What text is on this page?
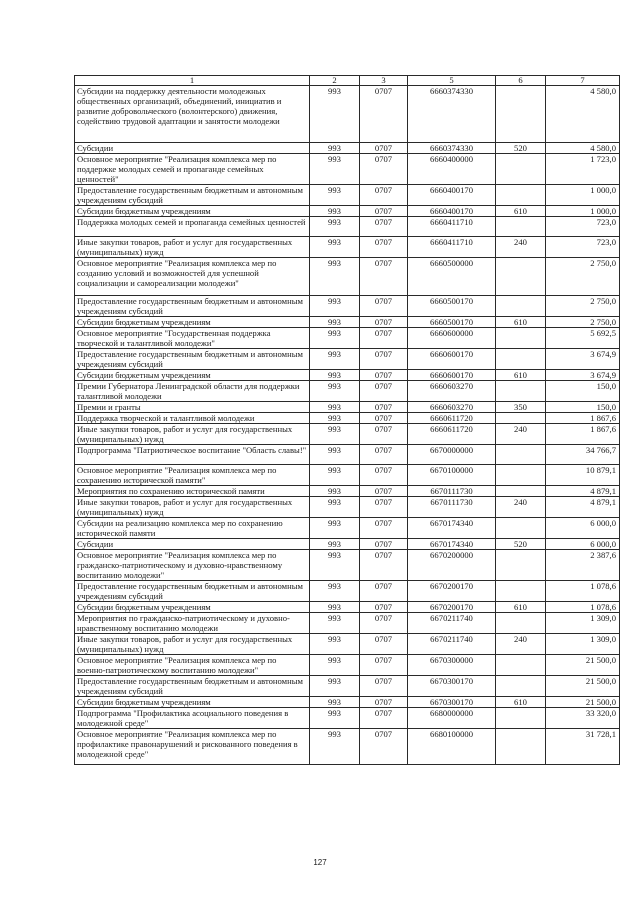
1	2	3	5	6	7
Субсидии на поддержку деятельности молодежных общественных организаций, объединений, инициатив и развитие добровольческого (волонтерского) движения, содействию трудовой адаптации и занятости молодежи	993	0707	6660374330		4 580,0
Субсидии	993	0707	6660374330	520	4 580,0
Основное мероприятие "Реализация комплекса мер по поддержке молодых семей и пропаганде семейных ценностей"	993	0707	6660400000		1 723,0
Предоставление государственным бюджетным и автономным учреждениям субсидий	993	0707	6660400170		1 000,0
Субсидии бюджетным учреждениям	993	0707	6660400170	610	1 000,0
Поддержка молодых семей и пропаганда семейных ценностей	993	0707	6660411710		723,0
Иные закупки товаров, работ и услуг для государственных (муниципальных) нужд	993	0707	6660411710	240	723,0
Основное мероприятие "Реализация комплекса мер по созданию условий и возможностей для успешной социализации и самореализации молодежи"	993	0707	6660500000		2 750,0
Предоставление государственным бюджетным и автономным учреждениям субсидий	993	0707	6660500170		2 750,0
Субсидии бюджетным учреждениям	993	0707	6660500170	610	2 750,0
Основное мероприятие "Государственная поддержка творческой и талантливой молодежи"	993	0707	6660600000		5 692,5
Предоставление государственным бюджетным и автономным учреждениям субсидий	993	0707	6660600170		3 674,9
Субсидии бюджетным учреждениям	993	0707	6660600170	610	3 674,9
Премии Губернатора Ленинградской области для поддержки талантливой молодежи	993	0707	6660603270		150,0
Премии и гранты	993	0707	6660603270	350	150,0
Поддержка творческой и талантливой молодежи	993	0707	6660611720		1 867,6
Иные закупки товаров, работ и услуг для государственных (муниципальных) нужд	993	0707	6660611720	240	1 867,6
Подпрограмма "Патриотическое воспитание "Область славы!"	993	0707	6670000000		34 766,7
Основное мероприятие "Реализация комплекса мер по сохранению исторической памяти"	993	0707	6670100000		10 879,1
Мероприятия по сохранению исторической памяти	993	0707	6670111730		4 879,1
Иные закупки товаров, работ и услуг для государственных (муниципальных) нужд	993	0707	6670111730	240	4 879,1
Субсидии на реализацию комплекса мер по сохранению исторической памяти	993	0707	6670174340		6 000,0
Субсидии	993	0707	6670174340	520	6 000,0
Основное мероприятие "Реализация комплекса мер по гражданско-патриотическому и духовно-нравственному воспитанию молодежи"	993	0707	6670200000		2 387,6
Предоставление государственным бюджетным и автономным учреждениям субсидий	993	0707	6670200170		1 078,6
Субсидии бюджетным учреждениям	993	0707	6670200170	610	1 078,6
Мероприятия по гражданско-патриотическому и духовно-нравственному воспитанию молодежи	993	0707	6670211740		1 309,0
Иные закупки товаров, работ и услуг для государственных (муниципальных) нужд	993	0707	6670211740	240	1 309,0
Основное мероприятие "Реализация комплекса мер по военно-патриотическому воспитанию молодежи"	993	0707	6670300000		21 500,0
Предоставление государственным бюджетным и автономным учреждениям субсидий	993	0707	6670300170		21 500,0
Субсидии бюджетным учреждениям	993	0707	6670300170	610	21 500,0
Подпрограмма "Профилактика асоциального поведения в молодежной среде"	993	0707	6680000000		33 320,0
Основное мероприятие "Реализация комплекса мер по профилактике правонарушений и рискованного поведения в молодежной среде"	993	0707	6680100000		31 728,1
127
